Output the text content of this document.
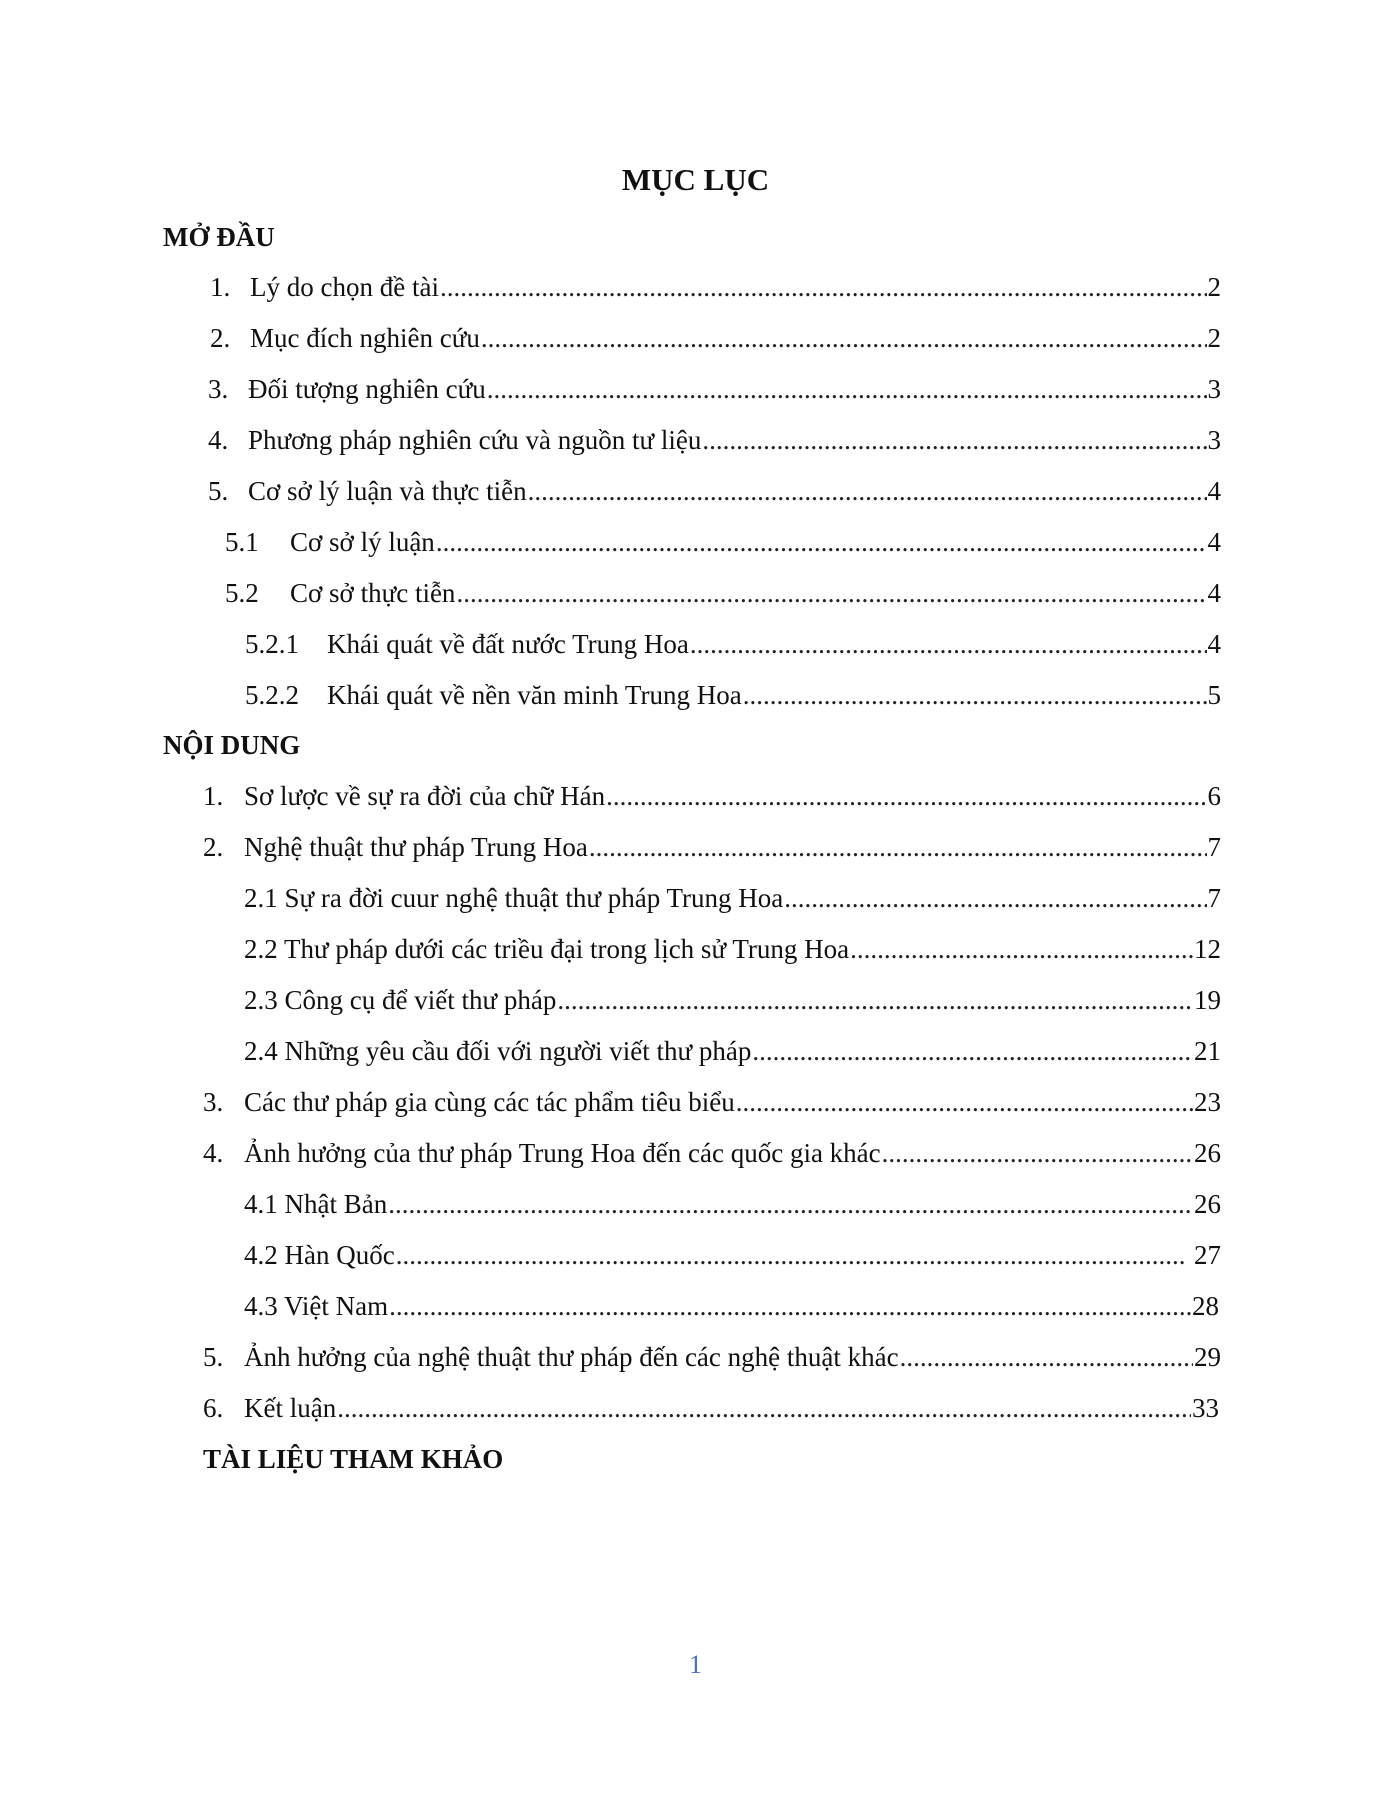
MỤC LỤC
MỞ ĐẦU
1. Lý do chọn đề tài .....	2
2. Mục đích nghiên cứu .....	2
3. Đối tượng nghiên cứu .....	3
4. Phương pháp nghiên cứu và nguồn tư liệu .....	3
5. Cơ sở lý luận và thực tiễn .....	4
5.1 Cơ sở lý luận .....	4
5.2 Cơ sở thực tiễn .....	4
5.2.1 Khái quát về đất nước Trung Hoa .....	4
5.2.2 Khái quát về nền văn minh Trung Hoa .....	5
NỘI DUNG
1. Sơ lược về sự ra đời của chữ Hán .....	6
2. Nghệ thuật thư pháp Trung Hoa .....	7
2.1 Sự ra đời cuur nghệ thuật thư pháp Trung Hoa .....	7
2.2 Thư pháp dưới các triều đại trong lịch sử Trung Hoa .....	12
2.3 Công cụ để viết thư pháp .....	19
2.4 Những yêu cầu đối với người viết thư pháp .....	21
3. Các thư pháp gia cùng các tác phẩm tiêu biểu .....	23
4. Ảnh hưởng của thư pháp Trung Hoa đến các quốc gia khác .....	26
4.1 Nhật Bản .....	26
4.2 Hàn Quốc .....	27
4.3 Việt Nam .....	28
5. Ảnh hưởng của nghệ thuật thư pháp đến các nghệ thuật khác .....	29
6. Kết luận .....	33
TÀI LIỆU THAM KHẢO
1
